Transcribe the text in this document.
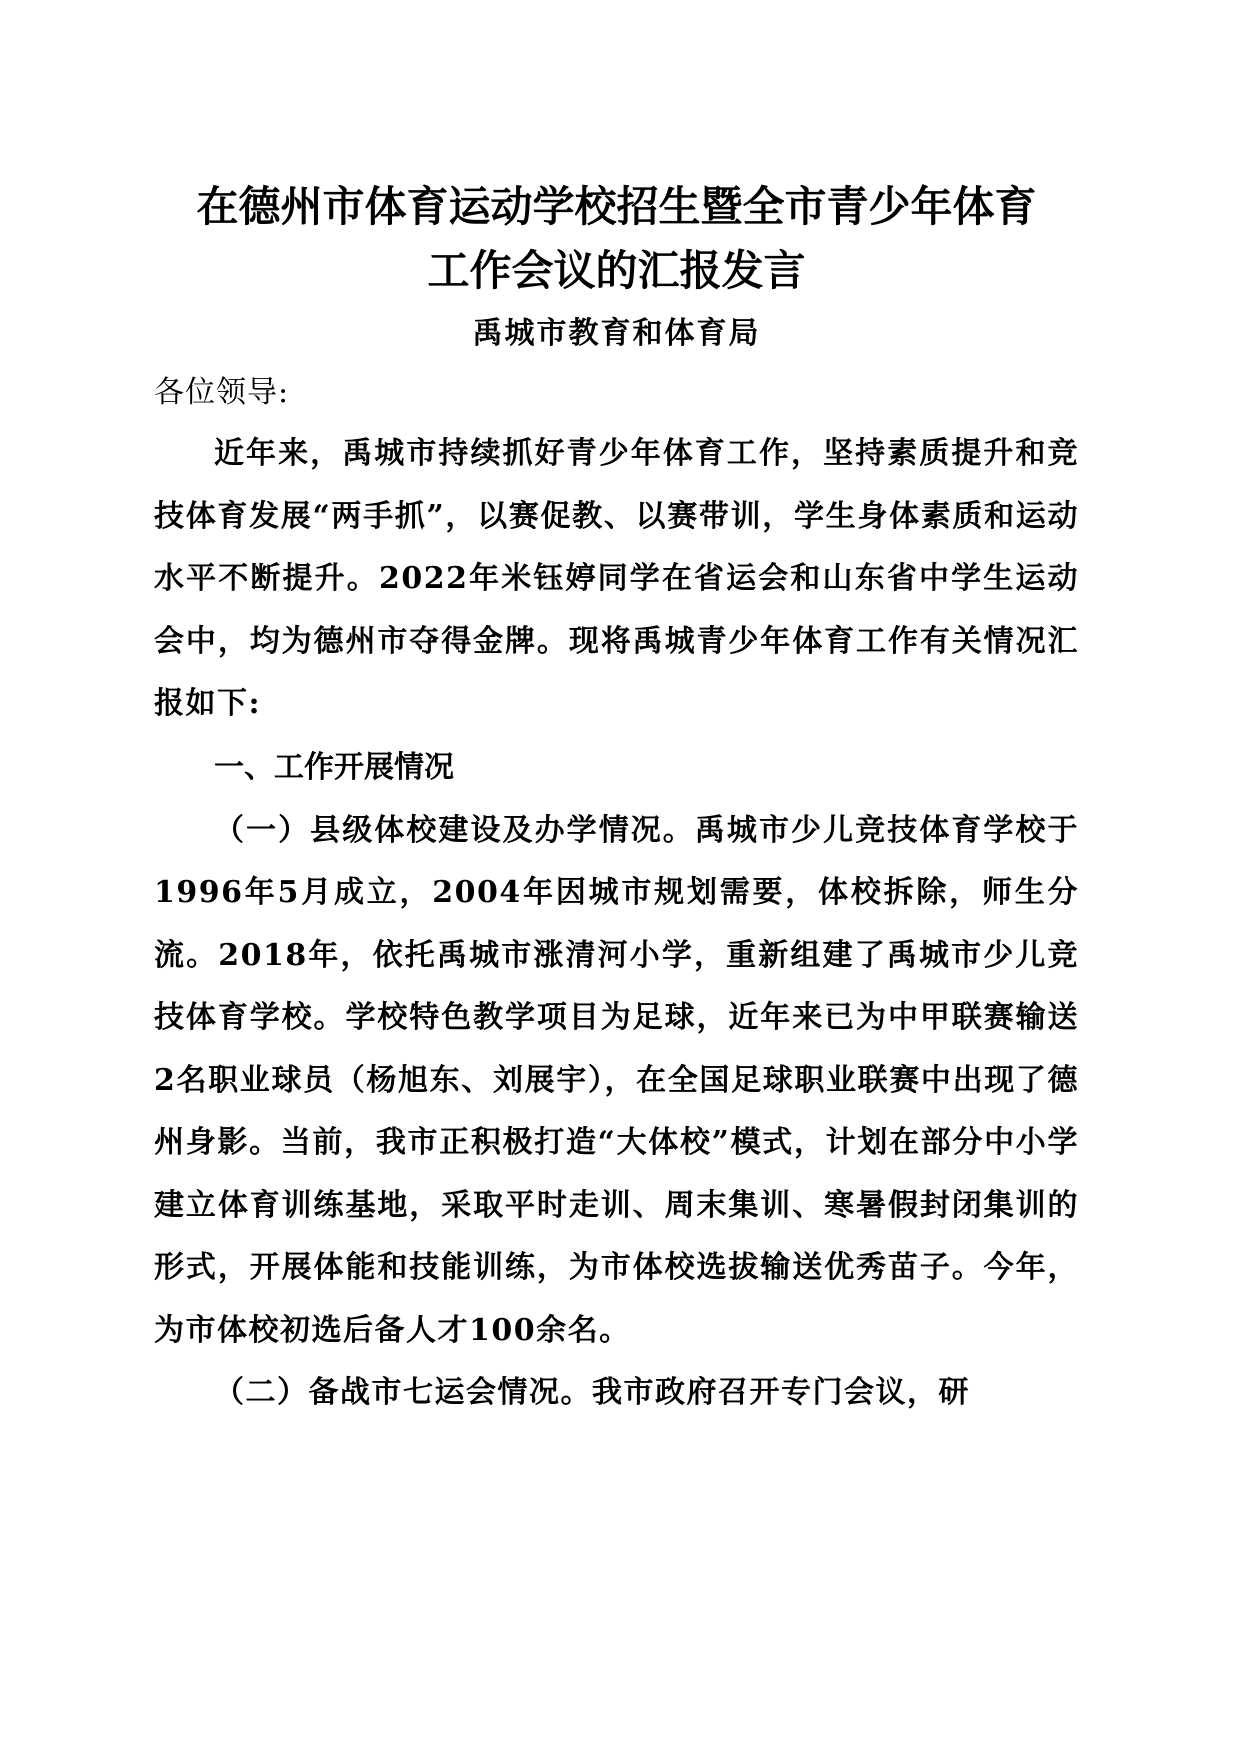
在德州市体育运动学校招生暨全市青少年体育
工作会议的汇报发言

禹城市教育和体育局

各位领导:

近年来，禹城市持续抓好青少年体育工作，坚持素质提升和竞技体育发展“两手抓”，以赛促教、以赛带训，学生身体素质和运动水平不断提升。2022年米钰婷同学在省运会和山东省中学生运动会中，均为德州市夺得金牌。现将禹城青少年体育工作有关情况汇报如下:

一、工作开展情况

（一）县级体校建设及办学情况。禹城市少儿竞技体育学校于1996年5月成立，2004年因城市规划需要，体校拆除，师生分流。2018年，依托禹城市涨清河小学，重新组建了禹城市少儿竞技体育学校。学校特色教学项目为足球，近年来已为中甲联赛输送2名职业球员（杨旭东、刘展宇），在全国足球职业联赛中出现了德州身影。当前，我市正积极打造“大体校”模式，计划在部分中小学建立体育训练基地，采取平时走训、周末集训、寒暑假封闭集训的形式，开展体能和技能训练，为市体校选拔输送优秀苗子。今年，为市体校初选后备人才100余名。

（二）备战市七运会情况。我市政府召开专门会议，研
